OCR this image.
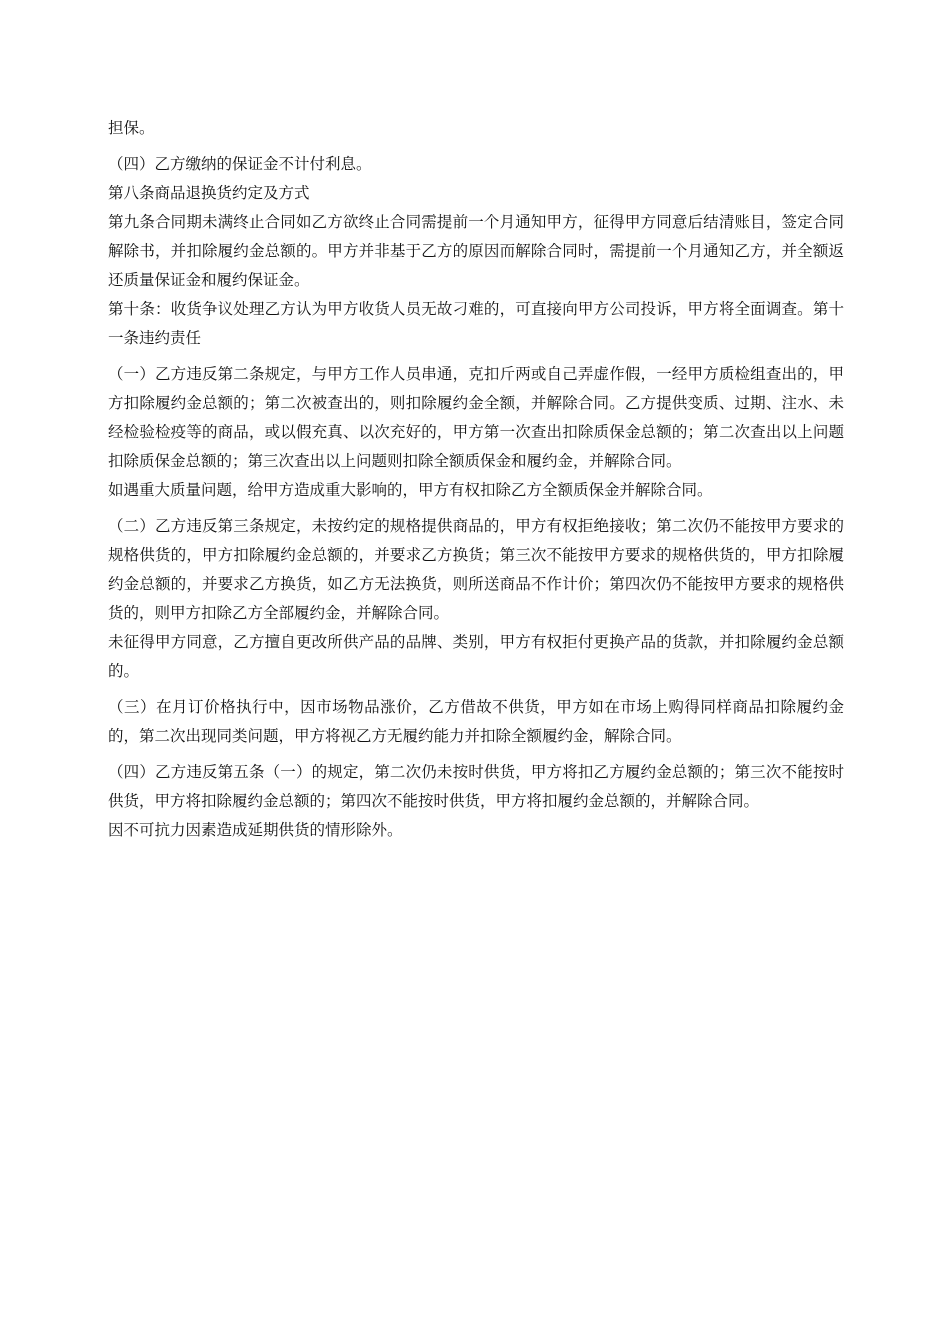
担保。

（四）乙方缴纳的保证金不计付利息。

第八条商品退换货约定及方式

第九条合同期未满终止合同如乙方欲终止合同需提前一个月通知甲方，征得甲方同意后结清账目，签定合同解除书，并扣除履约金总额的。甲方并非基于乙方的原因而解除合同时，需提前一个月通知乙方，并全额返还质量保证金和履约保证金。

第十条：收货争议处理乙方认为甲方收货人员无故刁难的，可直接向甲方公司投诉，甲方将全面调查。第十一条违约责任

（一）乙方违反第二条规定，与甲方工作人员串通，克扣斤两或自己弄虚作假，一经甲方质检组查出的，甲方扣除履约金总额的；第二次被查出的，则扣除履约金全额，并解除合同。乙方提供变质、过期、注水、未经检验检疫等的商品，或以假充真、以次充好的，甲方第一次查出扣除质保金总额的；第二次查出以上问题扣除质保金总额的；第三次查出以上问题则扣除全额质保金和履约金，并解除合同。

如遇重大质量问题，给甲方造成重大影响的，甲方有权扣除乙方全额质保金并解除合同。

（二）乙方违反第三条规定，未按约定的规格提供商品的，甲方有权拒绝接收；第二次仍不能按甲方要求的规格供货的，甲方扣除履约金总额的，并要求乙方换货；第三次不能按甲方要求的规格供货的，甲方扣除履约金总额的，并要求乙方换货，如乙方无法换货，则所送商品不作计价；第四次仍不能按甲方要求的规格供货的，则甲方扣除乙方全部履约金，并解除合同。

未征得甲方同意，乙方擅自更改所供产品的品牌、类别，甲方有权拒付更换产品的货款，并扣除履约金总额的。

（三）在月订价格执行中，因市场物品涨价，乙方借故不供货，甲方如在市场上购得同样商品扣除履约金的，第二次出现同类问题，甲方将视乙方无履约能力并扣除全额履约金，解除合同。

（四）乙方违反第五条（一）的规定，第二次仍未按时供货，甲方将扣乙方履约金总额的；第三次不能按时供货，甲方将扣除履约金总额的；第四次不能按时供货，甲方将扣履约金总额的，并解除合同。

因不可抗力因素造成延期供货的情形除外。
